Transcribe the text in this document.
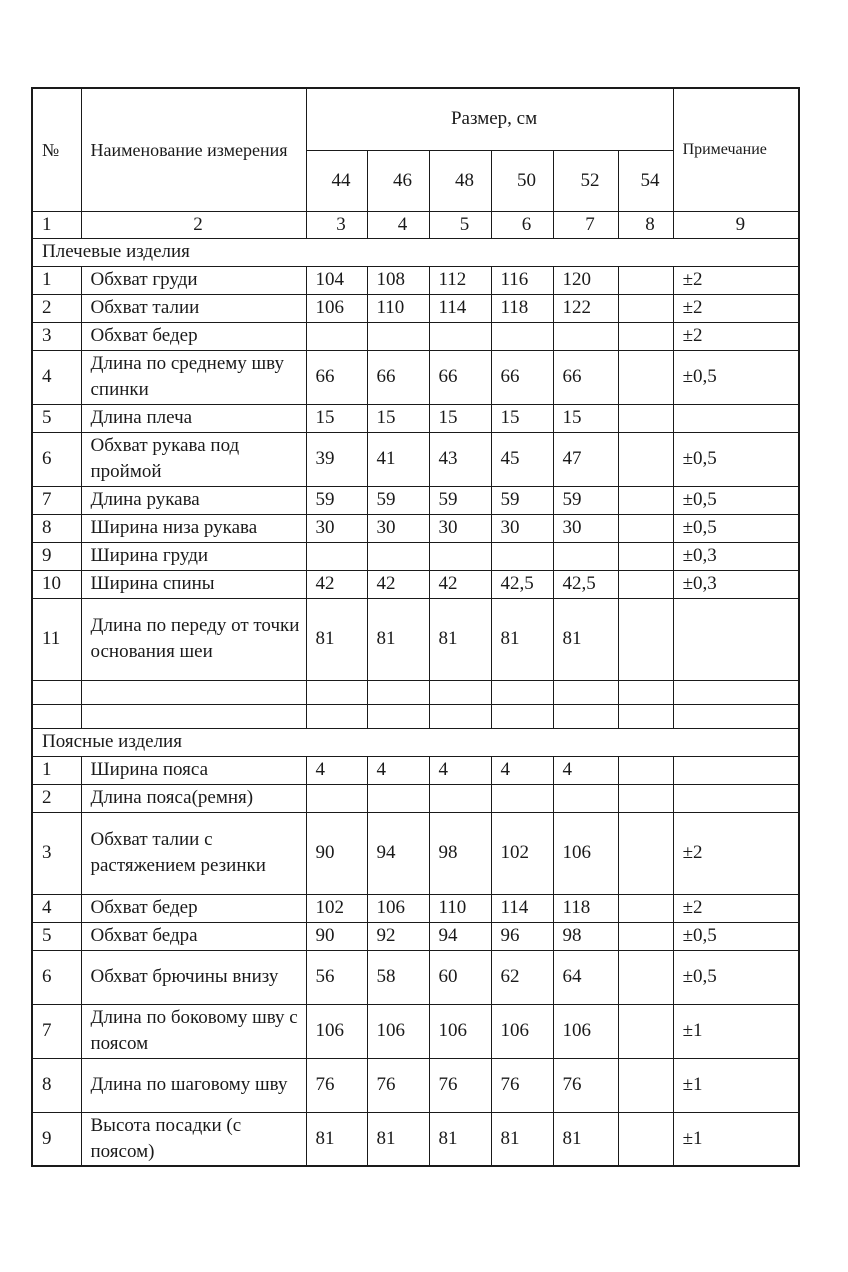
№	Наименование измерения	Размер, см						Примечание
		44	46	48	50	52	54	
1	2	3	4	5	6	7	8	9
Плечевые изделия								
1	Обхват груди	104	108	112	116	120		±2
2	Обхват талии	106	110	114	118	122		±2
3	Обхват бедер							±2
4	Длина по среднему шву спинки	66	66	66	66	66		±0,5
5	Длина плеча	15	15	15	15	15		
6	Обхват рукава под проймой	39	41	43	45	47		±0,5
7	Длина рукава	59	59	59	59	59		±0,5
8	Ширина низа рукава	30	30	30	30	30		±0,5
9	Ширина груди							±0,3
10	Ширина спины	42	42	42	42,5	42,5		±0,3
11	Длина по переду от точки основания шеи	81	81	81	81	81		

Поясные изделия								
1	Ширина пояса	4	4	4	4	4		
2	Длина пояса(ремня)							
3	Обхват талии с растяжением резинки	90	94	98	102	106		±2
4	Обхват бедер	102	106	110	114	118		±2
5	Обхват бедра	90	92	94	96	98		±0,5
6	Обхват брючины внизу	56	58	60	62	64		±0,5
7	Длина по боковому шву с поясом	106	106	106	106	106		±1
8	Длина по шаговому шву	76	76	76	76	76		±1
9	Высота посадки (с поясом)	81	81	81	81	81		±1
